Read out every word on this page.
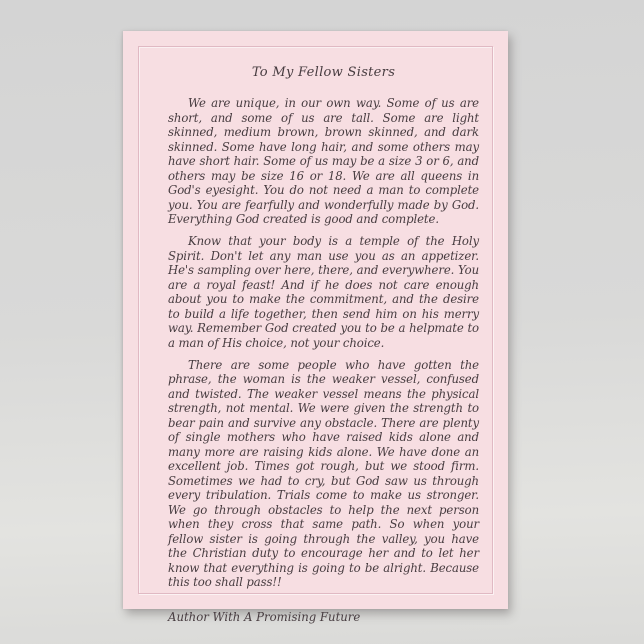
To My Fellow Sisters

We are unique, in our own way. Some of us are short, and some of us are tall. Some are light skinned, medium brown, brown skinned, and dark skinned. Some have long hair, and some others may have short hair. Some of us may be a size 3 or 6, and others may be size 16 or 18. We are all queens in God's eyesight. You do not need a man to complete you. You are fearfully and wonderfully made by God. Everything God created is good and complete.

Know that your body is a temple of the Holy Spirit. Don't let any man use you as an appetizer. He's sampling over here, there, and everywhere. You are a royal feast! And if he does not care enough about you to make the commitment, and the desire to build a life together, then send him on his merry way. Remember God created you to be a helpmate to a man of His choice, not your choice.

There are some people who have gotten the phrase, the woman is the weaker vessel, confused and twisted. The weaker vessel means the physical strength, not mental. We were given the strength to bear pain and survive any obstacle. There are plenty of single mothers who have raised kids alone and many more are raising kids alone. We have done an excellent job. Times got rough, but we stood firm. Sometimes we had to cry, but God saw us through every tribulation. Trials come to make us stronger. We go through obstacles to help the next person when they cross that same path. So when your fellow sister is going through the valley, you have the Christian duty to encourage her and to let her know that everything is going to be alright. Because this too shall pass!!

Author With A Promising Future
